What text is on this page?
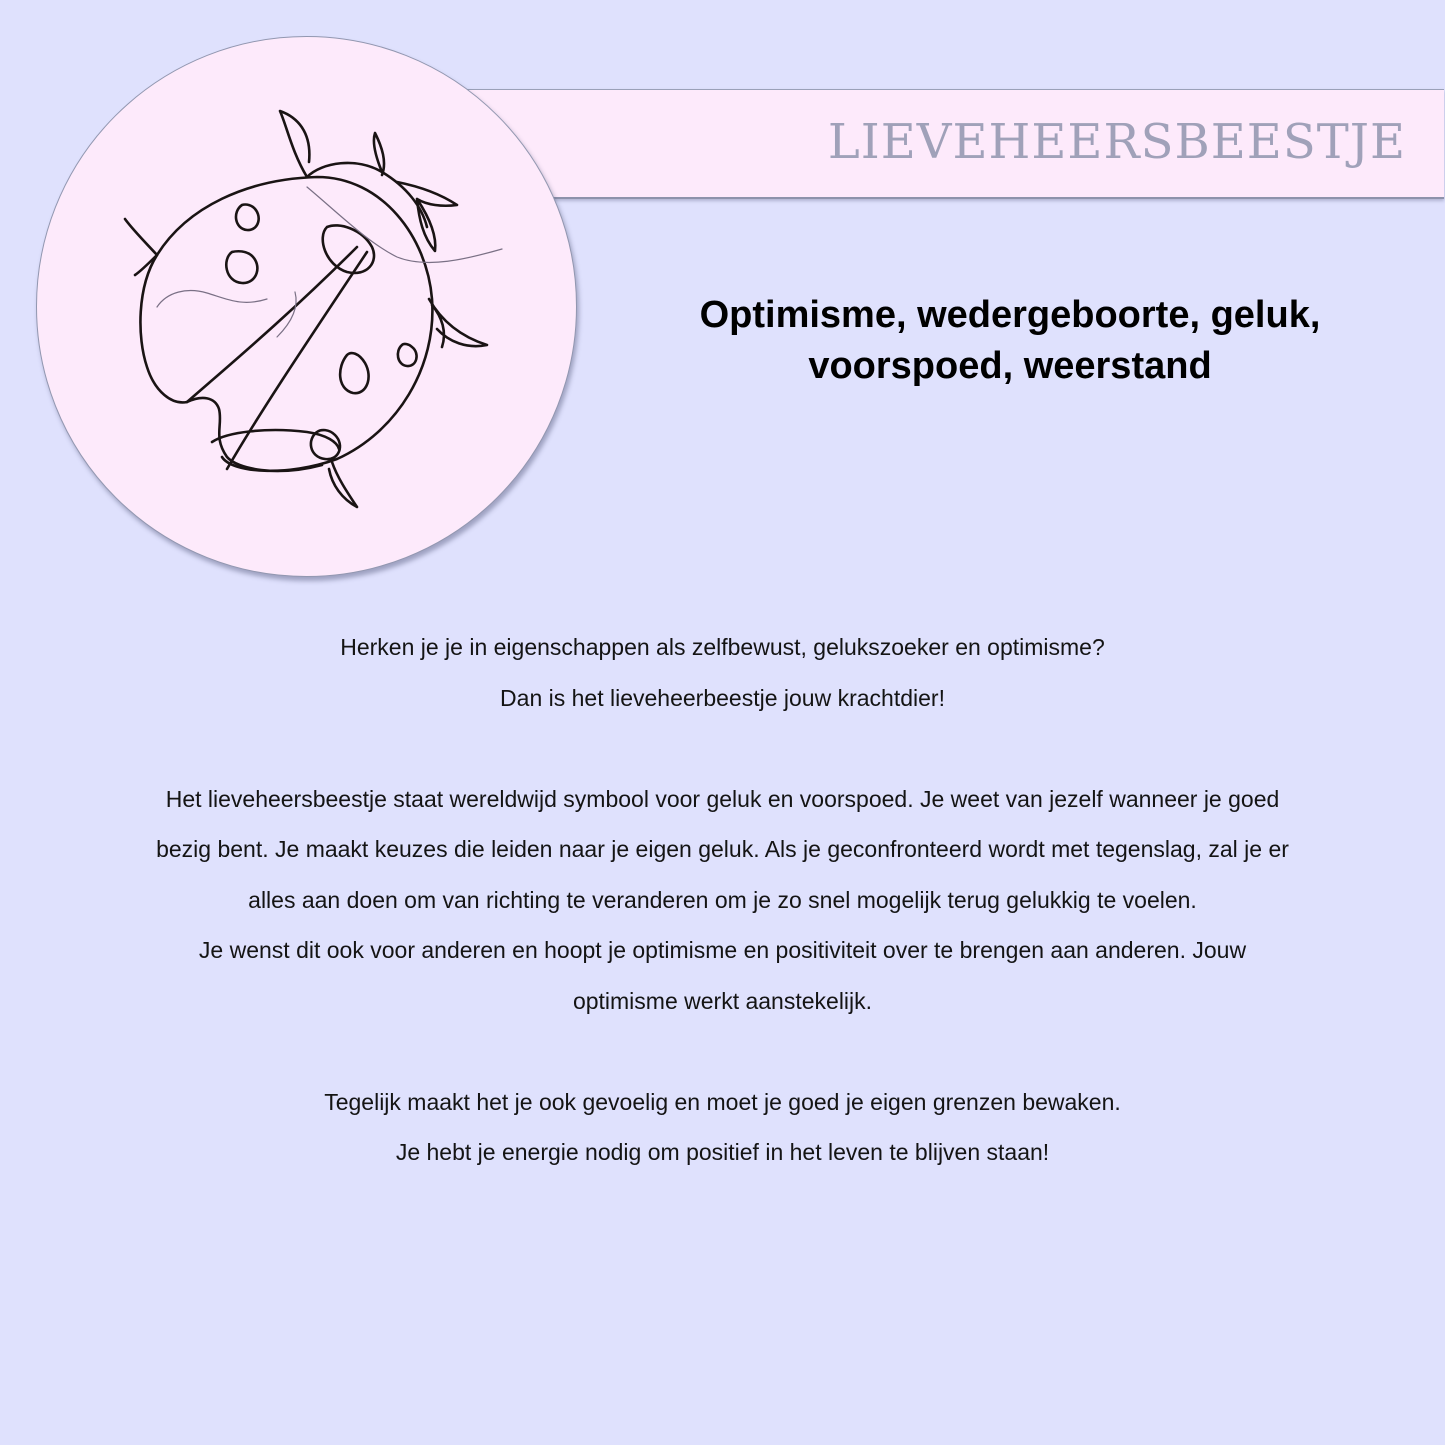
LIEVEHEERSBEESTJE
Optimisme, wedergeboorte, geluk,
voorspoed, weerstand
Herken je je in eigenschappen als zelfbewust, gelukszoeker en optimisme?
Dan is het lieveheerbeestje jouw krachtdier!
Het lieveheersbeestje staat wereldwijd symbool voor geluk en voorspoed. Je weet van jezelf wanneer je goed
bezig bent. Je maakt keuzes die leiden naar je eigen geluk. Als je geconfronteerd wordt met tegenslag, zal je er
alles aan doen om van richting te veranderen om je zo snel mogelijk terug gelukkig te voelen.
Je wenst dit ook voor anderen en hoopt je optimisme en positiviteit over te brengen aan anderen. Jouw
optimisme werkt aanstekelijk.
Tegelijk maakt het je ook gevoelig en moet je goed je eigen grenzen bewaken.
Je hebt je energie nodig om positief in het leven te blijven staan!
